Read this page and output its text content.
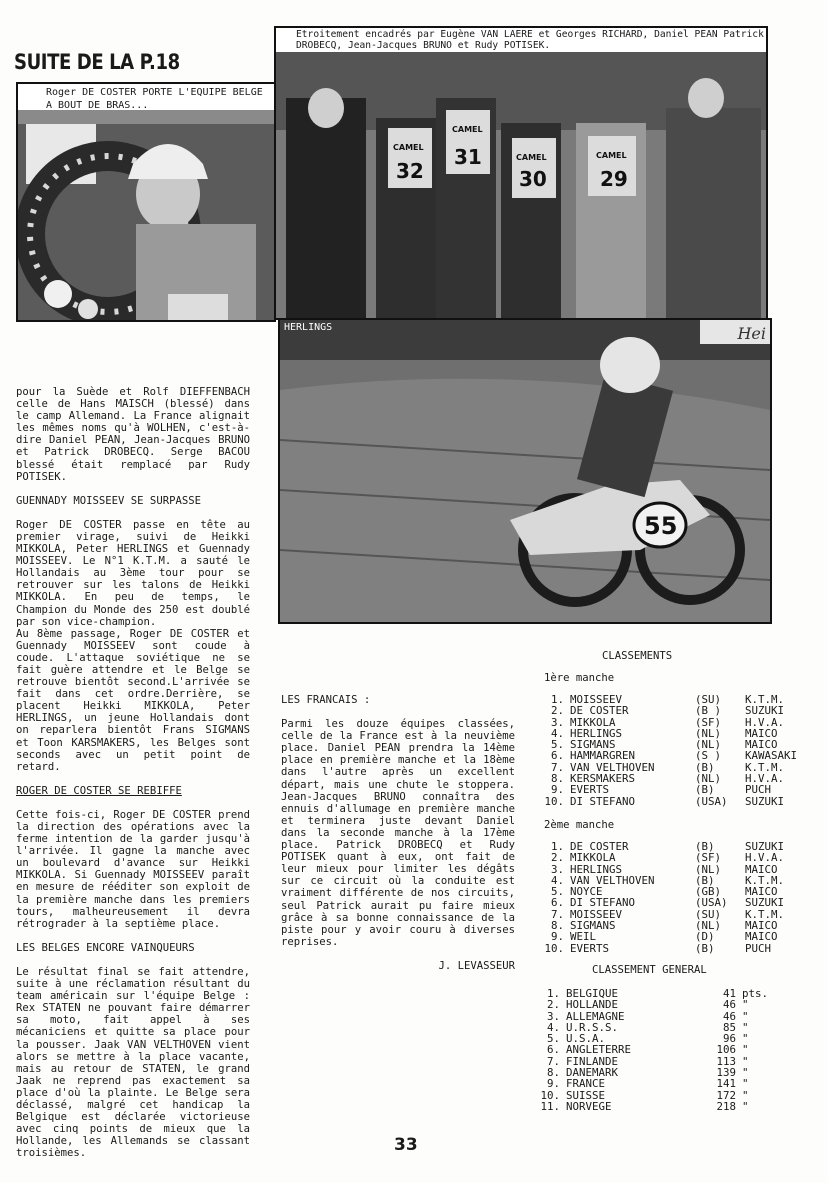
SUITE DE LA P.18
Roger DE COSTER PORTE L'EQUIPE BELGE A BOUT DE BRAS...
CAMEL
32
CAMEL
31	CAMEL
30
CAMEL
29
Etroitement encadrés par Eugène VAN LAERE et Georges RICHARD, Daniel PEAN Patrick DROBECQ, Jean-Jacques BRUNO et Rudy POTISEK.
55
Hei
HERLINGS

pour la Suède et Rolf DIEFFENBACH celle de Hans MAISCH (blessé) dans le camp Allemand. La France alignait les mêmes noms qu'à WOLHEN, c'est-à-dire Daniel PEAN, Jean-Jacques BRUNO et Patrick DROBECQ. Serge BACOU blessé était remplacé par Rudy POTISEK.

GUENNADY MOISSEEV SE SURPASSE

Roger DE COSTER passe en tête au premier virage, suivi de Heikki MIKKOLA, Peter HERLINGS et Guennady MOISSEEV. Le N°1 K.T.M. a sauté le Hollandais au 3ème tour pour se retrouver sur les talons de Heikki MIKKOLA. En peu de temps, le Champion du Monde des 250 est doublé par son vice-champion.

Au 8ème passage, Roger DE COSTER et Guennady MOISSEEV sont coude à coude. L'attaque soviétique ne se fait guère attendre et le Belge se retrouve bientôt second.L'arrivée se fait dans cet ordre.Derrière, se placent Heikki MIKKOLA, Peter HERLINGS, un jeune Hollandais dont on reparlera bientôt Frans SIGMANS et Toon KARSMAKERS, les Belges sont seconds avec un petit point de retard.

ROGER DE COSTER SE REBIFFE

Cette fois-ci, Roger DE COSTER prend la direction des opérations avec la ferme intention de la garder jusqu'à l'arrivée. Il gagne la manche avec un boulevard d'avance sur Heikki MIKKOLA. Si Guennady MOISSEEV paraît en mesure de rééditer son exploit de la première manche dans les premiers tours, malheureusement il devra rétrograder à la septième place.

LES BELGES ENCORE VAINQUEURS

Le résultat final se fait attendre, suite à une réclamation résultant du team américain sur l'équipe Belge : Rex STATEN ne pouvant faire démarrer sa moto, fait appel à ses mécaniciens et quitte sa place pour la pousser. Jaak VAN VELTHOVEN vient alors se mettre à la place vacante, mais au retour de STATEN, le grand Jaak ne reprend pas exactement sa place d'où la plainte. Le Belge sera déclassé, malgré cet handicap la Belgique est déclarée victorieuse avec cinq points de mieux que la Hollande, les Allemands se classant troisièmes.

LES FRANCAIS :

Parmi les douze équipes classées, celle de la France est à la neuvième place. Daniel PEAN prendra la 14ème place en première manche et la 18ème dans l'autre après un excellent départ, mais une chute le stoppera. Jean-Jacques BRUNO connaîtra des ennuis d'allumage en première manche et terminera juste devant Daniel dans la seconde manche à la 17ème place. Patrick DROBECQ et Rudy POTISEK quant à eux, ont fait de leur mieux pour limiter les dégâts sur ce circuit où la conduite est vraiment différente de nos circuits, seul Patrick aurait pu faire mieux grâce à sa bonne connaissance de la piste pour y avoir couru à diverses reprises.

J. LEVASSEUR

CLASSEMENTS
1ère manche
1. MOISSEEV	(SU)	K.T.M.
2. DE COSTER	(B )	SUZUKI
3. MIKKOLA	(SF)	H.V.A.
4. HERLINGS	(NL)	MAICO
5. SIGMANS	(NL)	MAICO
6. HAMMARGREN	(S )	KAWASAKI
7. VAN VELTHOVEN	(B)	K.T.M.
8. KERSMAKERS	(NL)	H.V.A.
9. EVERTS	(B)	PUCH
10. DI STEFANO	(USA)	SUZUKI
2ème manche
1. DE COSTER	(B)	SUZUKI
2. MIKKOLA	(SF)	H.V.A.
3. HERLINGS	(NL)	MAICO
4. VAN VELTHOVEN	(B)	K.T.M.
5. NOYCE	(GB)	MAICO
6. DI STEFANO	(USA)	SUZUKI
7. MOISSEEV	(SU)	K.T.M.
8. SIGMANS	(NL)	MAICO
9. WEIL	(D)	MAICO
10. EVERTS	(B)	PUCH
CLASSEMENT GENERAL
1. BELGIQUE	41 pts.
2. HOLLANDE	46 "
3. ALLEMAGNE	46 "
4. U.R.S.S.	85 "
5. U.S.A.	96 "
6. ANGLETERRE	106 "
7. FINLANDE	113 "
8. DANEMARK	139 "
9. FRANCE	141 "
10. SUISSE	172 "
11. NORVEGE	218 "
33
